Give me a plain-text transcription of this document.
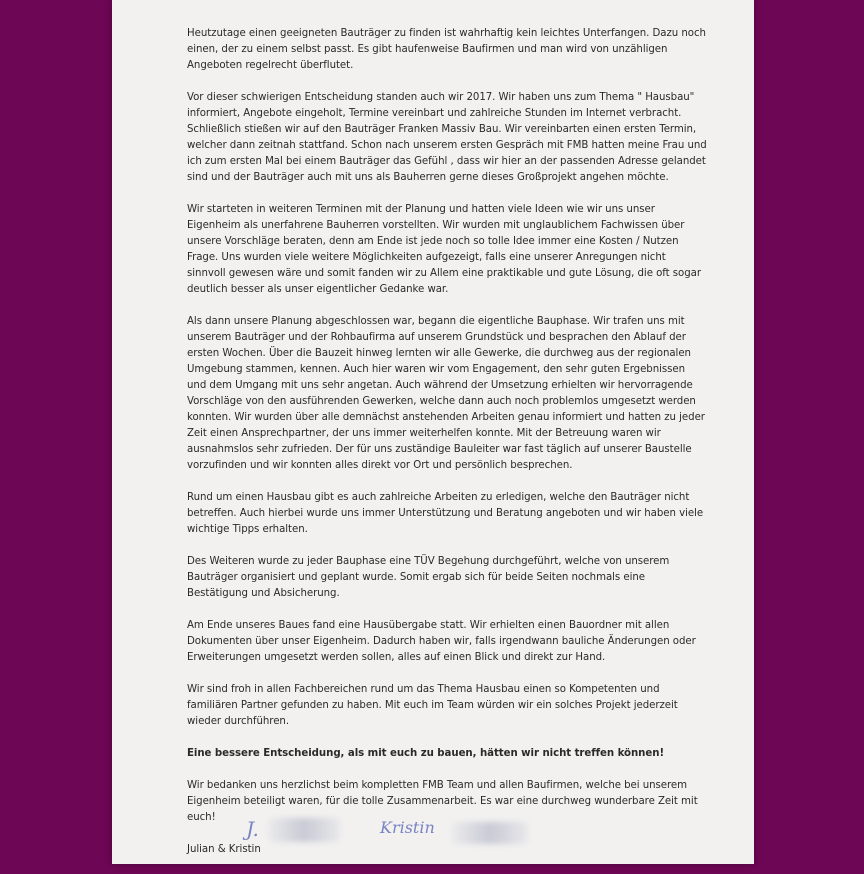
Heutzutage einen geeigneten Bauträger zu finden ist wahrhaftig kein leichtes Unterfangen. Dazu noch einen, der zu einem selbst passt. Es gibt haufenweise Baufirmen und man wird von unzähligen Angeboten regelrecht überflutet.

Vor dieser schwierigen Entscheidung standen auch wir 2017. Wir haben uns zum Thema " Hausbau" informiert, Angebote eingeholt, Termine vereinbart und zahlreiche Stunden im Internet verbracht. Schließlich stießen wir auf den Bauträger Franken Massiv Bau. Wir vereinbarten einen ersten Termin, welcher dann zeitnah stattfand. Schon nach unserem ersten Gespräch mit FMB hatten meine Frau und ich zum ersten Mal bei einem Bauträger das Gefühl , dass wir hier an der passenden Adresse gelandet sind und der Bauträger auch mit uns als Bauherren gerne dieses Großprojekt angehen möchte.

Wir starteten in weiteren Terminen mit der Planung und hatten viele Ideen wie wir uns unser Eigenheim als unerfahrene Bauherren vorstellten. Wir wurden mit unglaublichem Fachwissen über unsere Vorschläge beraten, denn am Ende ist jede noch so tolle Idee immer eine Kosten / Nutzen Frage. Uns wurden viele weitere Möglichkeiten aufgezeigt, falls eine unserer Anregungen nicht sinnvoll gewesen wäre und somit fanden wir zu Allem eine praktikable und gute Lösung, die oft sogar deutlich besser als unser eigentlicher Gedanke war.

Als dann unsere Planung abgeschlossen war, begann die eigentliche Bauphase. Wir trafen uns mit unserem Bauträger und der Rohbaufirma auf unserem Grundstück und besprachen den Ablauf der ersten Wochen. Über die Bauzeit hinweg lernten wir alle Gewerke, die durchweg aus der regionalen Umgebung stammen, kennen. Auch hier waren wir vom Engagement, den sehr guten Ergebnissen und dem Umgang mit uns sehr angetan. Auch während der Umsetzung erhielten wir hervorragende Vorschläge von den ausführenden Gewerken, welche dann auch noch problemlos umgesetzt werden konnten. Wir wurden über alle demnächst anstehenden Arbeiten genau informiert und hatten zu jeder Zeit einen Ansprechpartner, der uns immer weiterhelfen konnte. Mit der Betreuung waren wir ausnahmslos sehr zufrieden. Der für uns zuständige Bauleiter war fast täglich auf unserer Baustelle vorzufinden und wir konnten alles direkt vor Ort und persönlich besprechen.

Rund um einen Hausbau gibt es auch zahlreiche Arbeiten zu erledigen, welche den Bauträger nicht betreffen. Auch hierbei wurde uns immer Unterstützung und Beratung angeboten und wir haben viele wichtige Tipps erhalten.

Des Weiteren wurde zu jeder Bauphase eine TÜV Begehung durchgeführt, welche von unserem Bauträger organisiert und geplant wurde. Somit ergab sich für beide Seiten nochmals eine Bestätigung und Absicherung.

Am Ende unseres Baues fand eine Hausübergabe statt. Wir erhielten einen Bauordner mit allen Dokumenten über unser Eigenheim. Dadurch haben wir, falls irgendwann bauliche Änderungen oder Erweiterungen umgesetzt werden sollen, alles auf einen Blick und direkt zur Hand.

Wir sind froh in allen Fachbereichen rund um das Thema Hausbau einen so Kompetenten und familiären Partner gefunden zu haben. Mit euch im Team würden wir ein solches Projekt jederzeit wieder durchführen.

Eine bessere Entscheidung, als mit euch zu bauen, hätten wir nicht treffen können!

Wir bedanken uns herzlichst beim kompletten FMB Team und allen Baufirmen, welche bei unserem Eigenheim beteiligt waren, für die tolle Zusammenarbeit. Es war eine durchweg wunderbare Zeit mit euch!

Julian & Kristin

J.	Kristin
